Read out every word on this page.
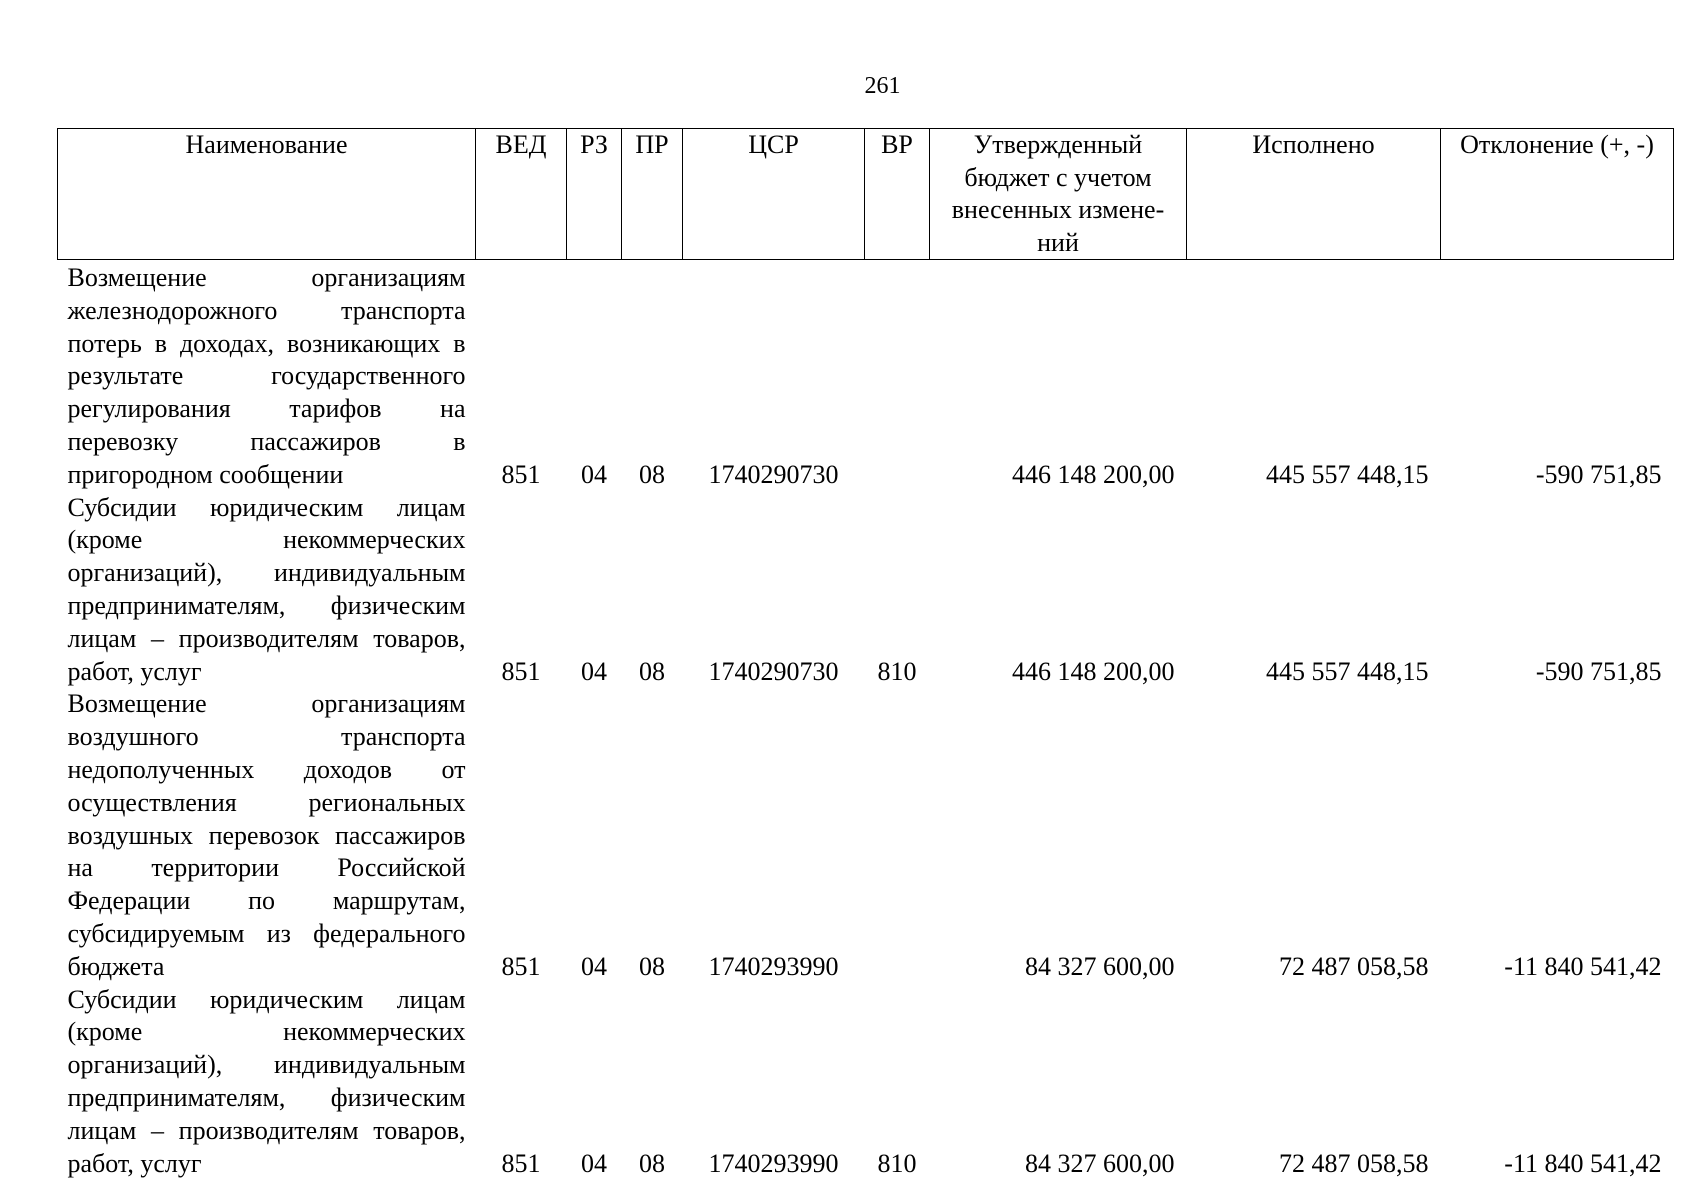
261
Наименование	ВЕД	РЗ	ПР	ЦСР	ВР	Утвержденный бюджет с учетом внесенных измене-ний	Исполнено	Отклонение (+, -)
Возмещение организациям железнодорожного транспорта потерь в доходах, возникающих в результате государственного регулирования тарифов на перевозку пассажиров в пригородном сообщении	851	04	08	1740290730		446 148 200,00	445 557 448,15	-590 751,85
Субсидии юридическим лицам (кроме некоммерческих организаций), индивидуальным предпринимателям, физическим лицам – производителям товаров, работ, услуг	851	04	08	1740290730	810	446 148 200,00	445 557 448,15	-590 751,85
Возмещение организациям воздушного транспорта недополученных доходов от осуществления региональных воздушных перевозок пассажиров на территории Российской Федерации по маршрутам, субсидируемым из федерального бюджета	851	04	08	1740293990		84 327 600,00	72 487 058,58	-11 840 541,42
Субсидии юридическим лицам (кроме некоммерческих организаций), индивидуальным предпринимателям, физическим лицам – производителям товаров, работ, услуг	851	04	08	1740293990	810	84 327 600,00	72 487 058,58	-11 840 541,42
